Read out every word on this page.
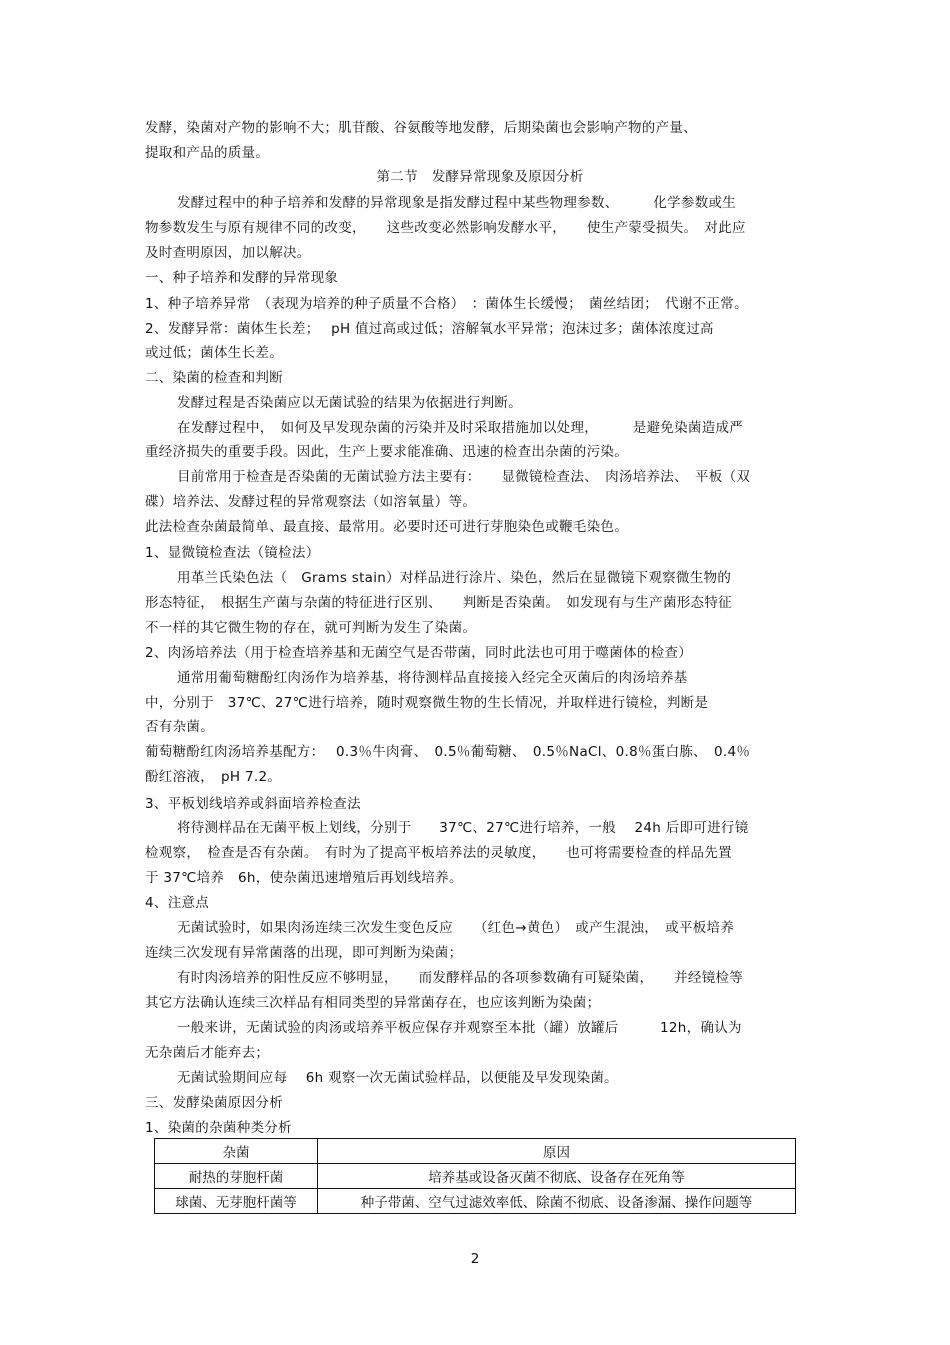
发酵，染菌对产物的影响不大；肌苷酸、谷氨酸等地发酵，后期染菌也会影响产物的产量、
提取和产品的质量。
第二节　发酵异常现象及原因分析
发酵过程中的种子培养和发酵的异常现象是指发酵过程中某些物理参数、　　　化学参数或生
物参数发生与原有规律不同的改变，　　这些改变必然影响发酵水平，　　使生产蒙受损失。　对此应
及时查明原因，加以解决。
一、种子培养和发酵的异常现象
1、种子培养异常　（表现为培养的种子质量不合格）　：菌体生长缓慢；　菌丝结团；　代谢不正常。
2、发酵异常：菌体生长差；　 pH 值过高或过低；溶解氧水平异常；泡沫过多；菌体浓度过高
或过低；菌体生长差。
二、染菌的检查和判断
发酵过程是否染菌应以无菌试验的结果为依据进行判断。
在发酵过程中，　如何及早发现杂菌的污染并及时采取措施加以处理，　　　是避免染菌造成严
重经济损失的重要手段。因此，生产上要求能准确、迅速的检查出杂菌的污染。
目前常用于检查是否染菌的无菌试验方法主要有：　　显微镜检查法、　肉汤培养法、　平板（双
碟）培养法、发酵过程的异常观察法（如溶氧量）等。
此法检查杂菌最简单、最直接、最常用。必要时还可进行芽胞染色或鞭毛染色。
1、显微镜检查法（镜检法）
用革兰氏染色法（　Grams stain）对样品进行涂片、染色，然后在显微镜下观察微生物的
形态特征，　根据生产菌与杂菌的特征进行区别、　　判断是否染菌。　如发现有与生产菌形态特征
不一样的其它微生物的存在，就可判断为发生了染菌。
2、肉汤培养法（用于检查培养基和无菌空气是否带菌，同时此法也可用于噬菌体的检查）
通常用葡萄糖酚红肉汤作为培养基，将待测样品直接接入经完全灭菌后的肉汤培养基
中，分别于　37℃、27℃进行培养，随时观察微生物的生长情况，并取样进行镜检，判断是
否有杂菌。
葡萄糖酚红肉汤培养基配方：　 0.3％牛肉膏、　0.5％葡萄糖、　0.5％NaCl、0.8％蛋白胨、　0.4％
酚红溶液，　pH 7.2。
3、平板划线培养或斜面培养检查法
将待测样品在无菌平板上划线，分别于　　37℃、27℃进行培养，一般　 24h 后即可进行镜
检观察，　检查是否有杂菌。　有时为了提高平板培养法的灵敏度，　　也可将需要检查的样品先置
于 37℃培养　6h，使杂菌迅速增殖后再划线培养。
4、注意点
无菌试验时，如果肉汤连续三次发生变色反应　　（红色→黄色）　或产生混浊，　或平板培养
连续三次发现有异常菌落的出现，即可判断为染菌；
有时肉汤培养的阳性反应不够明显，　　而发酵样品的各项参数确有可疑染菌，　　并经镜检等
其它方法确认连续三次样品有相同类型的异常菌存在，也应该判断为染菌；
一般来讲，无菌试验的肉汤或培养平板应保存并观察至本批（罐）放罐后　　　12h，确认为
无杂菌后才能弃去；
无菌试验期间应每　 6h 观察一次无菌试验样品，以便能及早发现染菌。
三、发酵染菌原因分析
1、染菌的杂菌种类分析
杂菌	原因
耐热的芽胞杆菌	培养基或设备灭菌不彻底、设备存在死角等
球菌、无芽胞杆菌等	种子带菌、空气过滤效率低、除菌不彻底、设备渗漏、操作问题等
2
